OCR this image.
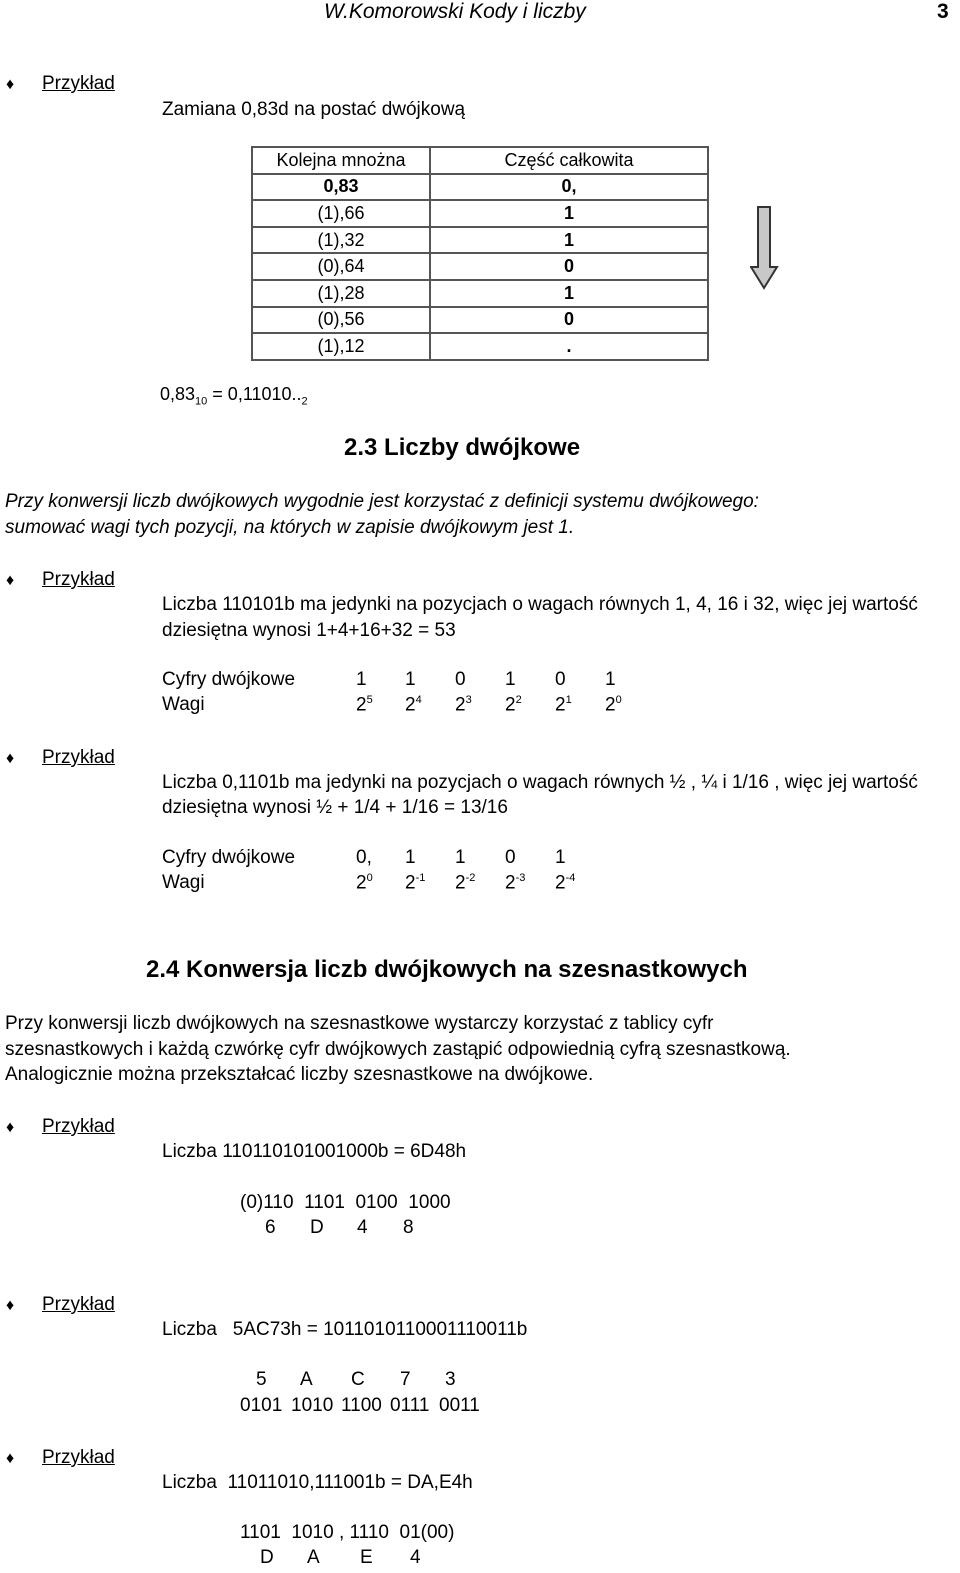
W.Komorowski Kody i liczby	3
♦ Przykład
Zamiana 0,83d na postać dwójkową
Kolejna mnożna	Część całkowita
0,83	0,
(1),66	1
(1),32	1
(0),64	0
(1),28	1
(0),56	0
(1),12	.
$0,83_{10} = 0,11010.._2$
2.3 Liczby dwójkowe
Przy konwersji liczb dwójkowych wygodnie jest korzystać z definicji systemu dwójkowego:
sumować wagi tych pozycji, na których w zapisie dwójkowym jest 1.
♦ Przykład
Liczba 110101b ma jedynki na pozycjach o wagach równych 1, 4, 16 i 32, więc jej wartość
dziesiętna wynosi 1+4+16+32 = 53
Cyfry dwójkowe	1 1 0 1 0 1
Wagi	$2^5$ $2^4$ $2^3$ $2^2$ $2^1$ $2^0$
♦ Przykład
Liczba 0,1101b ma jedynki na pozycjach o wagach równych ½ , ¼ i 1/16 , więc jej wartość
dziesiętna wynosi ½ + 1/4 + 1/16 = 13/16
Cyfry dwójkowe	0, 1 1 0 1
Wagi	$2^0$ $2^{-1}$ $2^{-2}$ $2^{-3}$ $2^{-4}$
2.4 Konwersja liczb dwójkowych na szesnastkowych
Przy konwersji liczb dwójkowych na szesnastkowe wystarczy korzystać z tablicy cyfr
szesnastkowych i każdą czwórkę cyfr dwójkowych zastąpić odpowiednią cyfrą szesnastkową.
Analogicznie można przekształcać liczby szesnastkowe na dwójkowe.
♦ Przykład
Liczba 110110101001000b = 6D48h
(0)110  1101  0100  1000
6 D 4 8
♦ Przykład
Liczba   5AC73h = 1011010110001110011b
5 A C 7 3
0101 1010 1100 0111 0011
♦ Przykład
Liczba  11011010,111001b = DA,E4h
1101  1010 , 1110  01(00)
D A E 4
